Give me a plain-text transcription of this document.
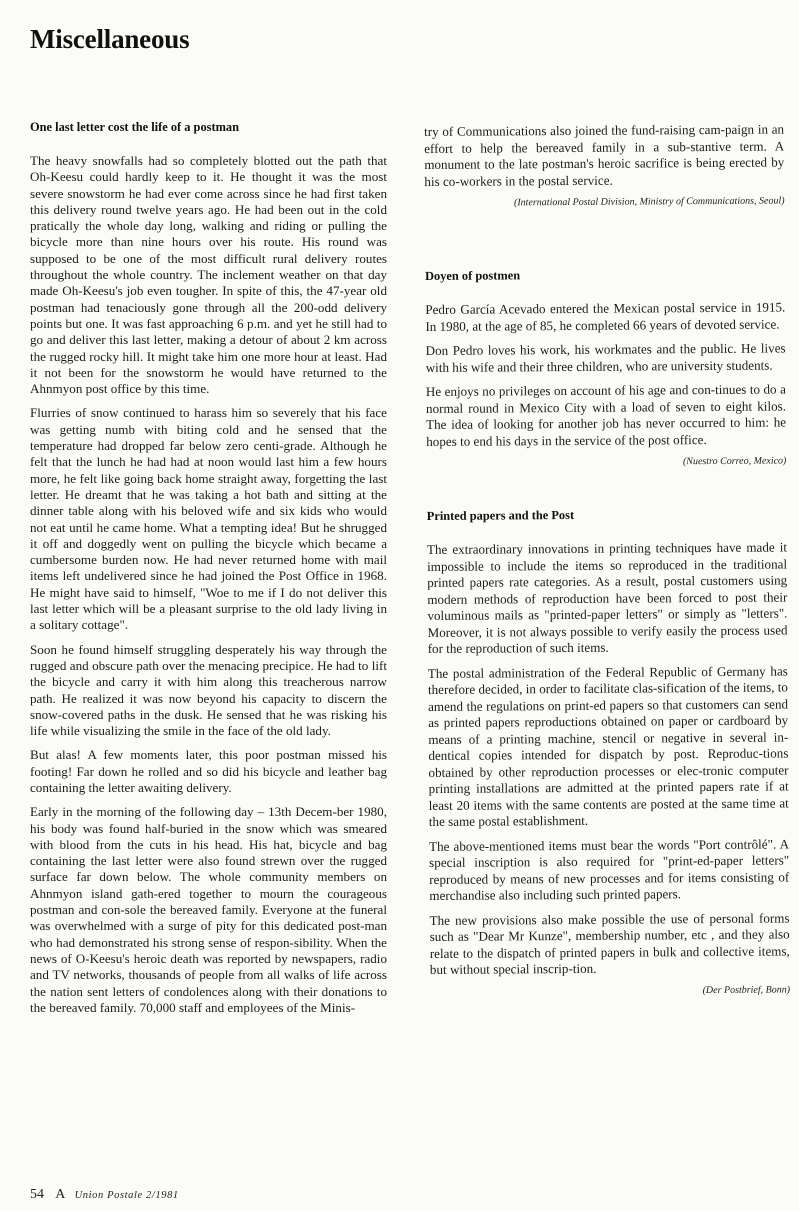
Miscellaneous
One last letter cost the life of a postman

The heavy snowfalls had so completely blotted out the path that Oh-Keesu could hardly keep to it. He thought it was the most severe snowstorm he had ever come across since he had first taken this delivery round twelve years ago. He had been out in the cold pratically the whole day long, walking and riding or pulling the bicycle more than nine hours over his route. His round was supposed to be one of the most difficult rural delivery routes throughout the whole country. The inclement weather on that day made Oh-Keesu's job even tougher. In spite of this, the 47-year old postman had tenaciously gone through all the 200-odd delivery points but one. It was fast approaching 6 p.m. and yet he still had to go and deliver this last letter, making a detour of about 2 km across the rugged rocky hill. It might take him one more hour at least. Had it not been for the snowstorm he would have returned to the Ahnmyon post office by this time.

Flurries of snow continued to harass him so severely that his face was getting numb with biting cold and he sensed that the temperature had dropped far below zero centi-grade. Although he felt that the lunch he had had at noon would last him a few hours more, he felt like going back home straight away, forgetting the last letter. He dreamt that he was taking a hot bath and sitting at the dinner table along with his beloved wife and six kids who would not eat until he came home. What a tempting idea! But he shrugged it off and doggedly went on pulling the bicycle which became a cumbersome burden now. He had never returned home with mail items left undelivered since he had joined the Post Office in 1968. He might have said to himself, "Woe to me if I do not deliver this last letter which will be a pleasant surprise to the old lady living in a solitary cottage".

Soon he found himself struggling desperately his way through the rugged and obscure path over the menacing precipice. He had to lift the bicycle and carry it with him along this treacherous narrow path. He realized it was now beyond his capacity to discern the snow-covered paths in the dusk. He sensed that he was risking his life while visualizing the smile in the face of the old lady.

But alas! A few moments later, this poor postman missed his footing! Far down he rolled and so did his bicycle and leather bag containing the letter awaiting delivery.

Early in the morning of the following day – 13th Decem-ber 1980, his body was found half-buried in the snow which was smeared with blood from the cuts in his head. His hat, bicycle and bag containing the last letter were also found strewn over the rugged surface far down below. The whole community members on Ahnmyon island gath-ered together to mourn the courageous postman and con-sole the bereaved family. Everyone at the funeral was overwhelmed with a surge of pity for this dedicated post-man who had demonstrated his strong sense of respon-sibility. When the news of O-Keesu's heroic death was reported by newspapers, radio and TV networks, thousands of people from all walks of life across the nation sent letters of condolences along with their donations to the bereaved family. 70,000 staff and employees of the Minis-

try of Communications also joined the fund-raising cam-paign in an effort to help the bereaved family in a sub-stantive term. A monument to the late postman's heroic sacrifice is being erected by his co-workers in the postal service.

(International Postal Division, Ministry of Communications, Seoul)
Doyen of postmen

Pedro García Acevado entered the Mexican postal service in 1915. In 1980, at the age of 85, he completed 66 years of devoted service.

Don Pedro loves his work, his workmates and the public. He lives with his wife and their three children, who are university students.

He enjoys no privileges on account of his age and con-tinues to do a normal round in Mexico City with a load of seven to eight kilos. The idea of looking for another job has never occurred to him: he hopes to end his days in the service of the post office.

(Nuestro Correo, Mexico)
Printed papers and the Post

The extraordinary innovations in printing techniques have made it impossible to include the items so reproduced in the traditional printed papers rate categories. As a result, postal customers using modern methods of reproduction have been forced to post their voluminous mails as "printed-paper letters" or simply as "letters". Moreover, it is not always possible to verify easily the process used for the reproduction of such items.

The postal administration of the Federal Republic of Germany has therefore decided, in order to facilitate clas-sification of the items, to amend the regulations on print-ed papers so that customers can send as printed papers reproductions obtained on paper or cardboard by means of a printing machine, stencil or negative in several in-dentical copies intended for dispatch by post. Reproduc-tions obtained by other reproduction processes or elec-tronic computer printing installations are admitted at the printed papers rate if at least 20 items with the same contents are posted at the same time at the same postal establishment.

The above-mentioned items must bear the words "Port contrôlé". A special inscription is also required for "print-ed-paper letters" reproduced by means of new processes and for items consisting of merchandise also including such printed papers.

The new provisions also make possible the use of personal forms such as "Dear Mr Kunze", membership number, etc , and they also relate to the dispatch of printed papers in bulk and collective items, but without special inscrip-tion.

(Der Postbrief, Bonn)
54 A Union Postale 2/1981
